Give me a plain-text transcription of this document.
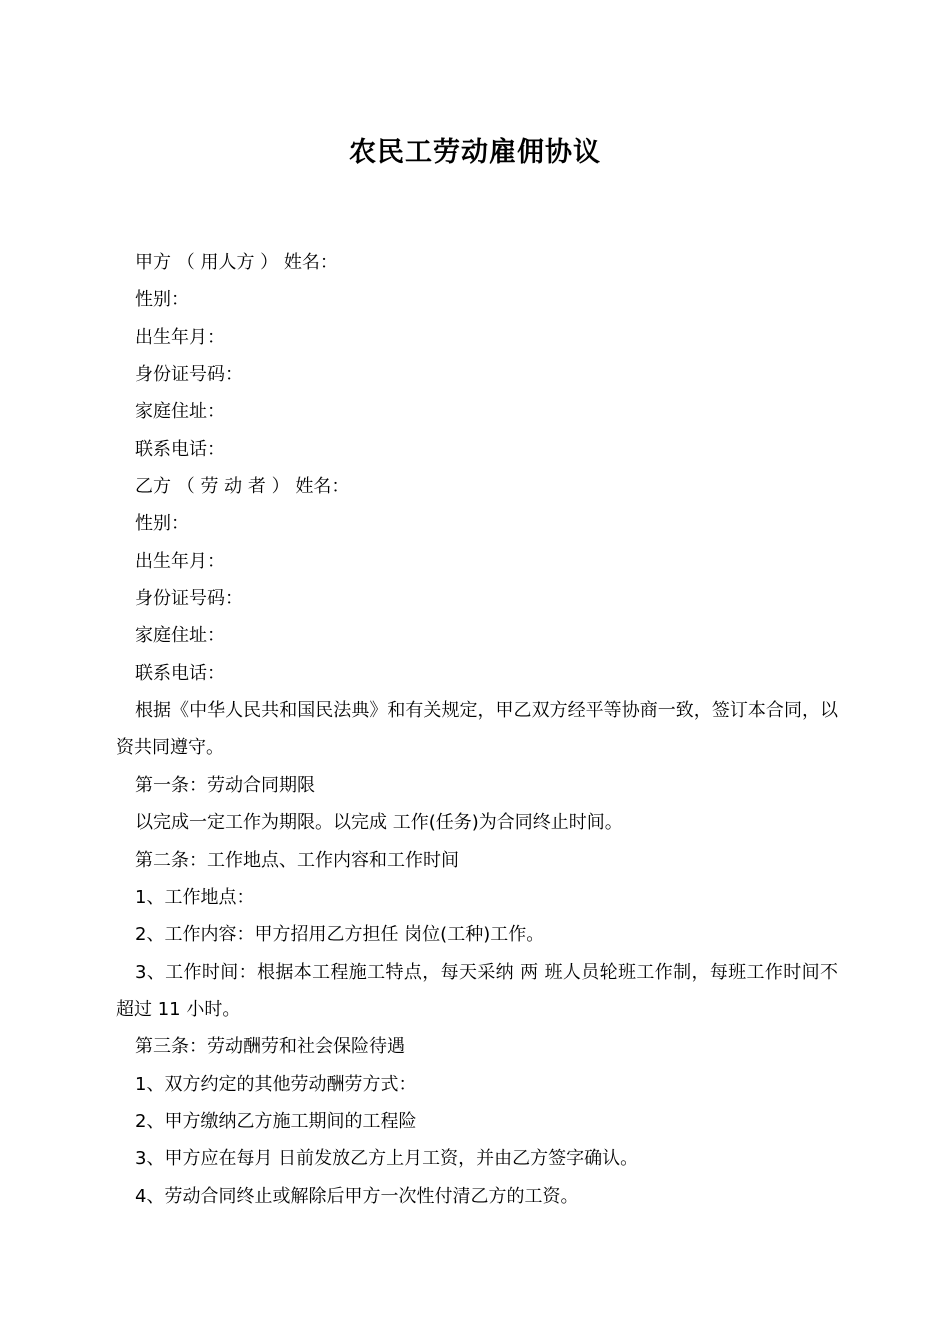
农民工劳动雇佣协议
甲方 （ 用人方 ） 姓名：
性别：
出生年月：
身份证号码：
家庭住址：
联系电话：
乙方 （ 劳 动 者 ） 姓名：
性别：
出生年月：
身份证号码：
家庭住址：
联系电话：
根据《中华人民共和国民法典》和有关规定，甲乙双方经平等协商一致，签订本合同，以资共同遵守。
第一条：劳动合同期限
以完成一定工作为期限。以完成 工作(任务)为合同终止时间。
第二条：工作地点、工作内容和工作时间
1、工作地点：
2、工作内容：甲方招用乙方担任 岗位(工种)工作。
3、工作时间：根据本工程施工特点，每天采纳 两 班人员轮班工作制，每班工作时间不超过 11 小时。
第三条：劳动酬劳和社会保险待遇
1、双方约定的其他劳动酬劳方式：
2、甲方缴纳乙方施工期间的工程险
3、甲方应在每月 日前发放乙方上月工资，并由乙方签字确认。
4、劳动合同终止或解除后甲方一次性付清乙方的工资。
